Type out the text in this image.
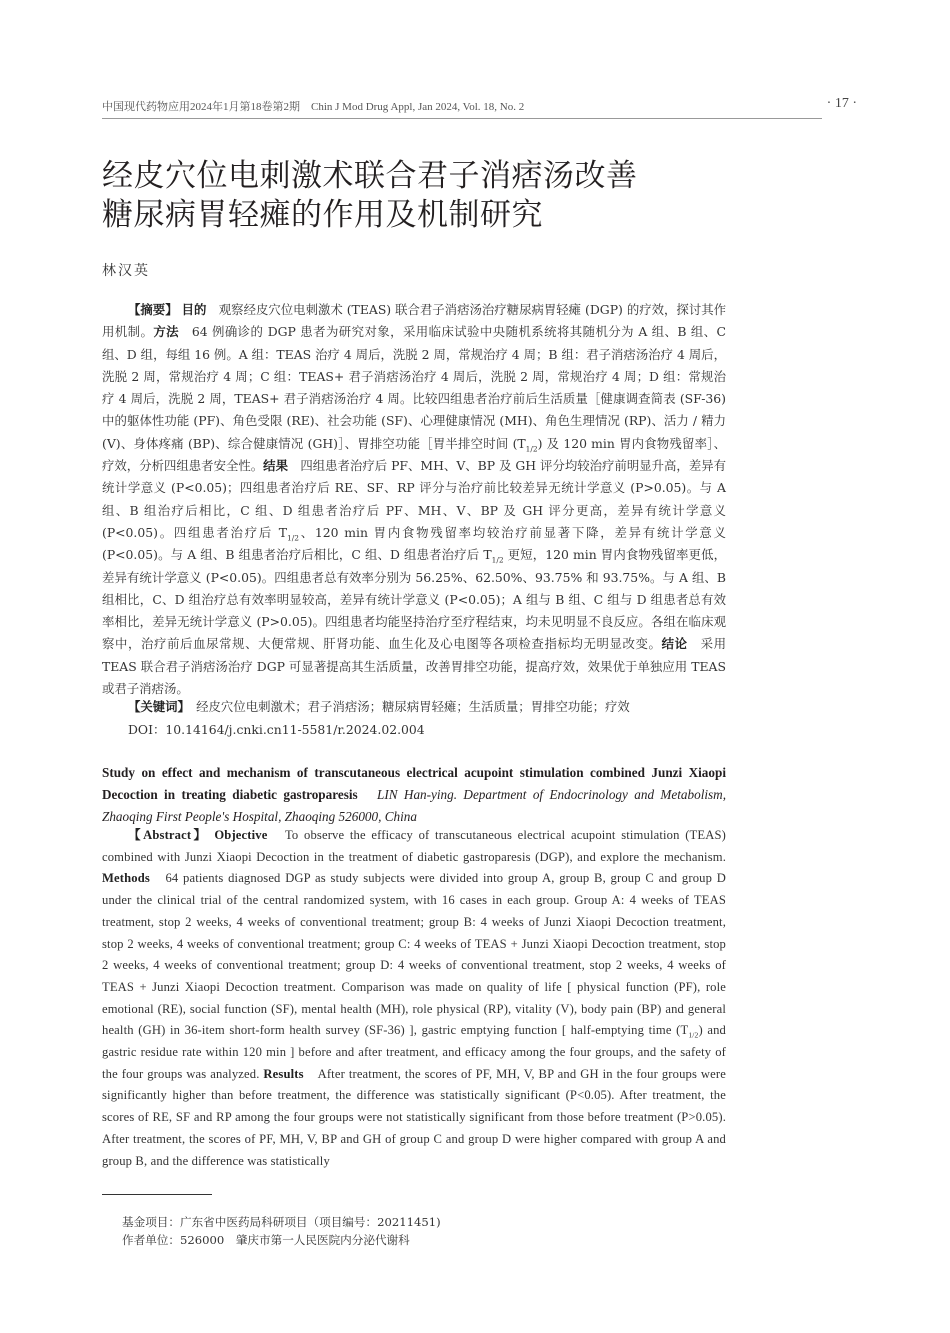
中国现代药物应用2024年1月第18卷第2期　Chin J Mod Drug Appl, Jan 2024, Vol. 18, No. 2	· 17 ·
经皮穴位电刺激术联合君子消痞汤改善
糖尿病胃轻瘫的作用及机制研究
林汉英
【摘要】 目的　观察经皮穴位电刺激术 (TEAS) 联合君子消痞汤治疗糖尿病胃轻瘫 (DGP) 的疗效，探讨其作用机制。方法　64 例确诊的 DGP 患者为研究对象，采用临床试验中央随机系统将其随机分为 A 组、B 组、C 组、D 组，每组 16 例。A 组：TEAS 治疗 4 周后，洗脱 2 周，常规治疗 4 周；B 组：君子消痞汤治疗 4 周后，洗脱 2 周，常规治疗 4 周；C 组：TEAS+ 君子消痞汤治疗 4 周后，洗脱 2 周，常规治疗 4 周；D 组：常规治疗 4 周后，洗脱 2 周，TEAS+ 君子消痞汤治疗 4 周。比较四组患者治疗前后生活质量［健康调查简表 (SF-36) 中的躯体性功能 (PF)、角色受限 (RE)、社会功能 (SF)、心理健康情况 (MH)、角色生理情况 (RP)、活力 / 精力 (V)、身体疼痛 (BP)、综合健康情况 (GH)］、胃排空功能［胃半排空时间 $(T_{1/2})$ 及 120 min 胃内食物残留率］、疗效，分析四组患者安全性。结果　四组患者治疗后 PF、MH、V、BP 及 GH 评分均较治疗前明显升高，差异有统计学意义 (P<0.05)；四组患者治疗后 RE、SF、RP 评分与治疗前比较差异无统计学意义 (P>0.05)。与 A 组、B 组治疗后相比，C 组、D 组患者治疗后 PF、MH、V、BP 及 GH 评分更高，差异有统计学意义 (P<0.05)。四组患者治疗后 $T_{1/2}$、120 min 胃内食物残留率均较治疗前显著下降，差异有统计学意义 (P<0.05)。与 A 组、B 组患者治疗后相比，C 组、D 组患者治疗后 $T_{1/2}$ 更短，120 min 胃内食物残留率更低，差异有统计学意义 (P<0.05)。四组患者总有效率分别为 56.25%、62.50%、93.75% 和 93.75%。与 A 组、B 组相比，C、D 组治疗总有效率明显较高，差异有统计学意义 (P<0.05)；A 组与 B 组、C 组与 D 组患者总有效率相比，差异无统计学意义 (P>0.05)。四组患者均能坚持治疗至疗程结束，均未见明显不良反应。各组在临床观察中，治疗前后血尿常规、大便常规、肝肾功能、血生化及心电图等各项检查指标均无明显改变。结论　采用 TEAS 联合君子消痞汤治疗 DGP 可显著提高其生活质量，改善胃排空功能，提高疗效，效果优于单独应用 TEAS 或君子消痞汤。
【关键词】　经皮穴位电刺激术；君子消痞汤；糖尿病胃轻瘫；生活质量；胃排空功能；疗效
DOI：10.14164/j.cnki.cn11-5581/r.2024.02.004
Study on effect and mechanism of transcutaneous electrical acupoint stimulation combined Junzi Xiaopi Decoction in treating diabetic gastroparesis　LIN Han-ying. Department of Endocrinology and Metabolism, Zhaoqing First People's Hospital, Zhaoqing 526000, China
【Abstract】 Objective　To observe the efficacy of transcutaneous electrical acupoint stimulation (TEAS) combined with Junzi Xiaopi Decoction in the treatment of diabetic gastroparesis (DGP), and explore the mechanism. Methods　64 patients diagnosed DGP as study subjects were divided into group A, group B, group C and group D under the clinical trial of the central randomized system, with 16 cases in each group. Group A: 4 weeks of TEAS treatment, stop 2 weeks, 4 weeks of conventional treatment; group B: 4 weeks of Junzi Xiaopi Decoction treatment, stop 2 weeks, 4 weeks of conventional treatment; group C: 4 weeks of TEAS + Junzi Xiaopi Decoction treatment, stop 2 weeks, 4 weeks of conventional treatment; group D: 4 weeks of conventional treatment, stop 2 weeks, 4 weeks of TEAS + Junzi Xiaopi Decoction treatment. Comparison was made on quality of life [ physical function (PF), role emotional (RE), social function (SF), mental health (MH), role physical (RP), vitality (V), body pain (BP) and general health (GH) in 36-item short-form health survey (SF-36) ], gastric emptying function [ half-emptying time $(T_{1/2})$ and gastric residue rate within 120 min ] before and after treatment, and efficacy among the four groups, and the safety of the four groups was analyzed. Results　After treatment, the scores of PF, MH, V, BP and GH in the four groups were significantly higher than before treatment, the difference was statistically significant (P<0.05). After treatment, the scores of RE, SF and RP among the four groups were not statistically significant from those before treatment (P>0.05). After treatment, the scores of PF, MH, V, BP and GH of group C and group D were higher compared with group A and group B, and the difference was statistically
基金项目：广东省中医药局科研项目（项目编号：20211451)
作者单位：526000　肇庆市第一人民医院内分泌代谢科
